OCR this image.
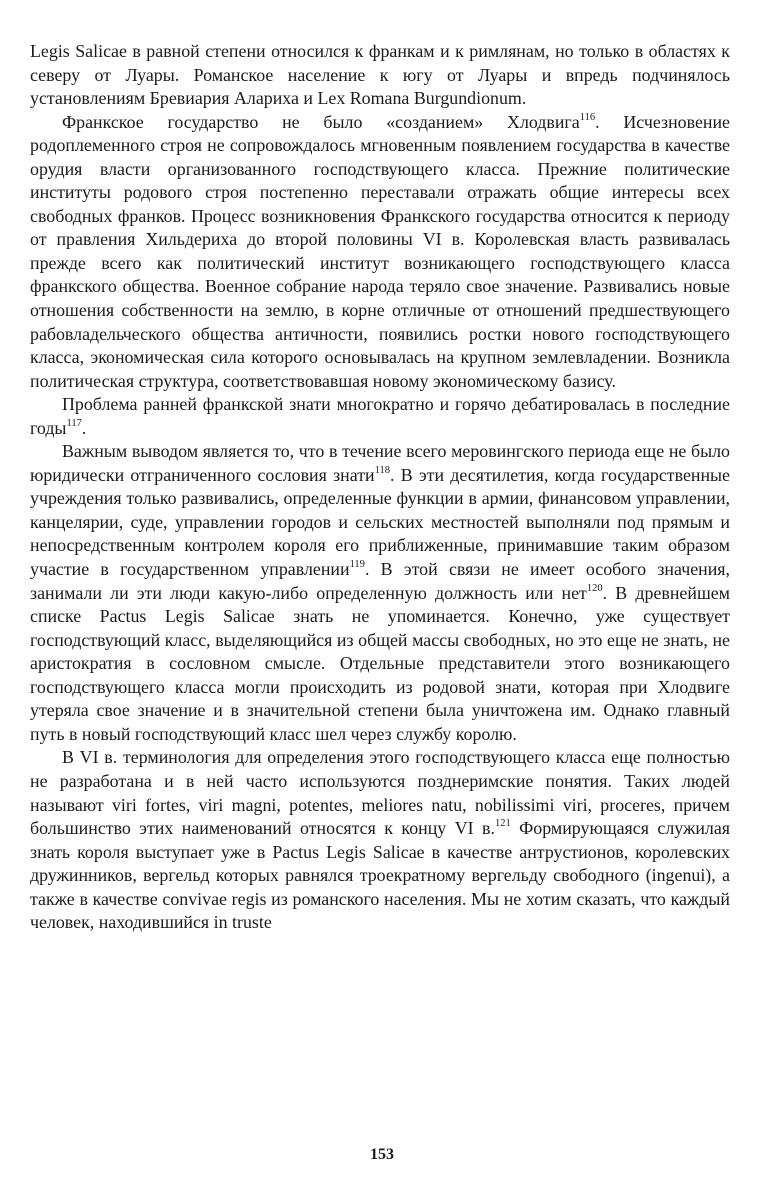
Legis Salicae в равной степени относился к франкам и к римлянам, но только в областях к северу от Луары. Романское население к югу от Луары и впредь подчинялось установлениям Бревиария Алариха и Lex Romana Burgundionum.

Франкское государство не было «созданием» Хлодвига$^{116}$. Исчезновение родоплеменного строя не сопровождалось мгновенным появлением государства в качестве орудия власти организованного господствующего класса. Прежние политические институты родового строя постепенно переставали отражать общие интересы всех свободных франков. Процесс возникновения Франкского государства относится к периоду от правления Хильдериха до второй половины VI в. Королевская власть развивалась прежде всего как политический институт возникающего господствующего класса франкского общества. Военное собрание народа теряло свое значение. Развивались новые отношения собственности на землю, в корне отличные от отношений предшествующего рабовладельческого общества античности, появились ростки нового господствующего класса, экономическая сила которого основывалась на крупном землевладении. Возникла политическая структура, соответствовавшая новому экономическому базису.

Проблема ранней франкской знати многократно и горячо дебатировалась в последние годы$^{117}$.

Важным выводом является то, что в течение всего меровингского периода еще не было юридически отграниченного сословия знати$^{118}$. В эти десятилетия, когда государственные учреждения только развивались, определенные функции в армии, финансовом управлении, канцелярии, суде, управлении городов и сельских местностей выполняли под прямым и непосредственным контролем короля его приближенные, принимавшие таким образом участие в государственном управлении$^{119}$. В этой связи не имеет особого значения, занимали ли эти люди какую-либо определенную должность или нет$^{120}$. В древнейшем списке Pactus Legis Salicae знать не упоминается. Конечно, уже существует господствующий класс, выделяющийся из общей массы свободных, но это еще не знать, не аристократия в сословном смысле. Отдельные представители этого возникающего господствующего класса могли происходить из родовой знати, которая при Хлодвиге утеряла свое значение и в значительной степени была уничтожена им. Однако главный путь в новый господствующий класс шел через службу королю.

В VI в. терминология для определения этого господствующего класса еще полностью не разработана и в ней часто используются позднеримские понятия. Таких людей называют viri fortes, viri magni, potentes, meliores natu, nobilissimi viri, proceres, причем большинство этих наименований относятся к концу VI в.$^{121}$ Формирующаяся служилая знать короля выступает уже в Pactus Legis Salicae в качестве антрустионов, королевских дружинников, вергельд которых равнялся троекратному вергельду свободного (ingenui), а также в качестве convivae regis из романского населения. Мы не хотим сказать, что каждый человек, находившийся in truste

153
